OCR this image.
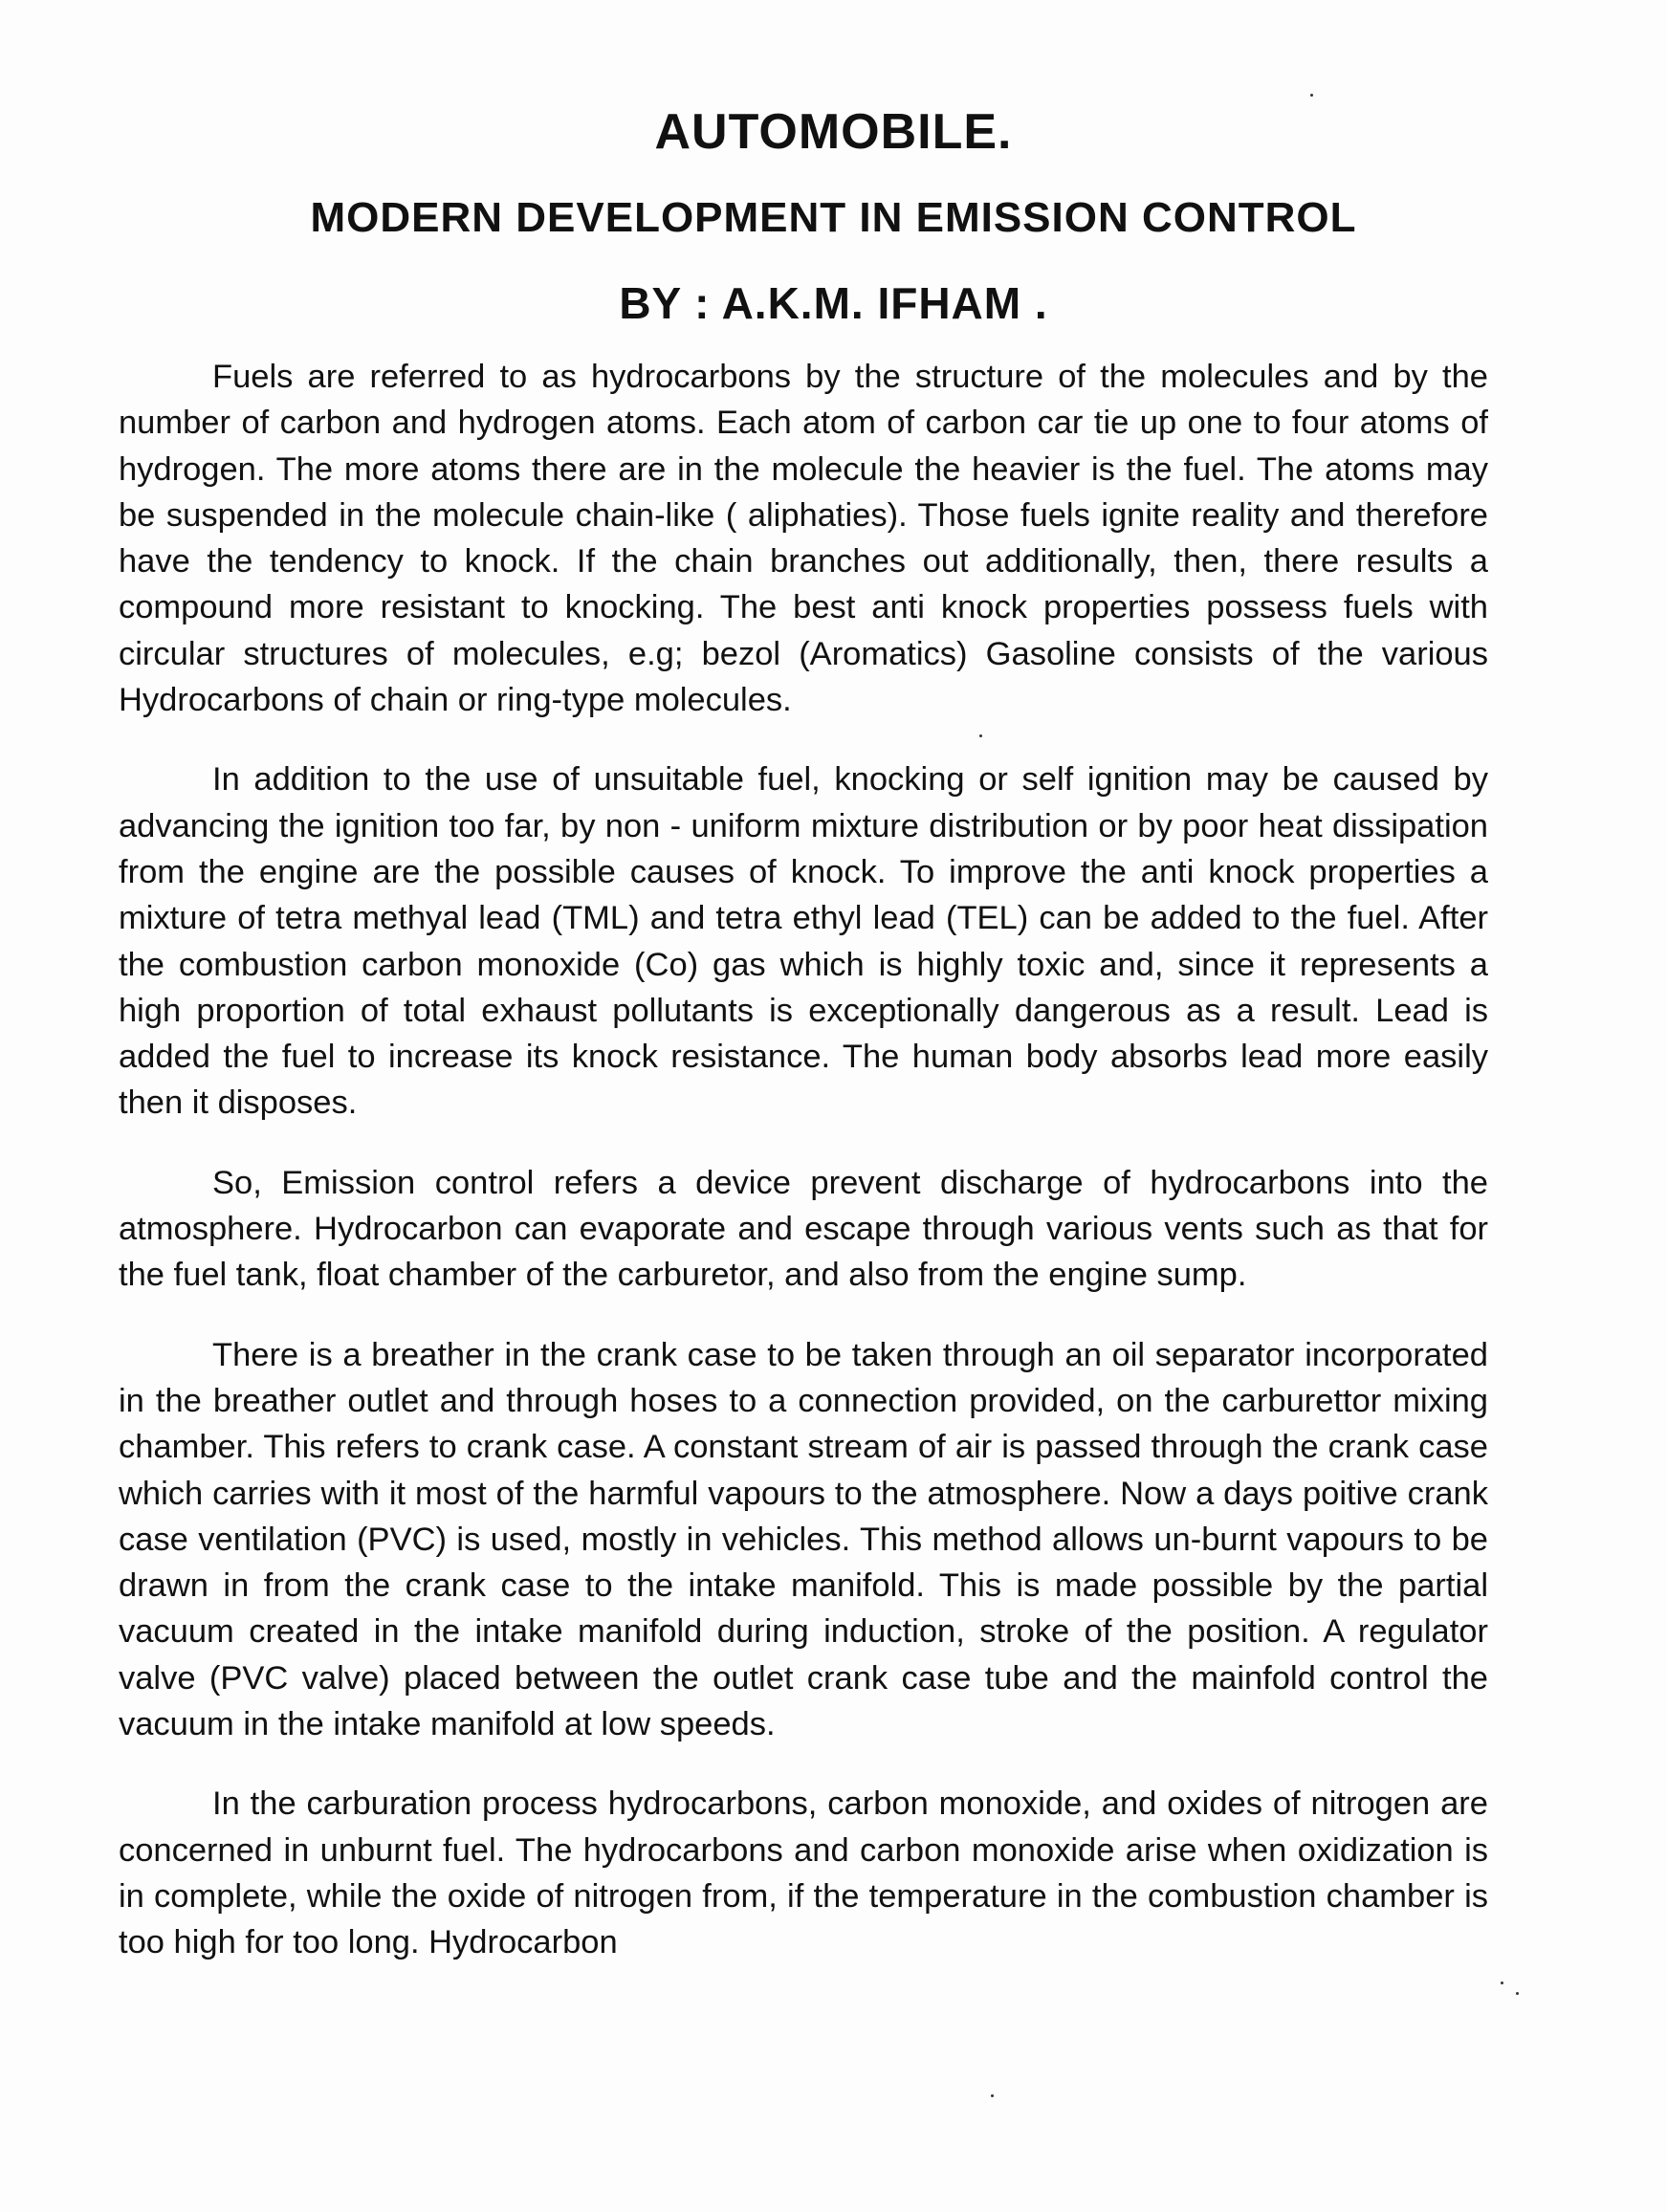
AUTOMOBILE.
MODERN DEVELOPMENT IN EMISSION CONTROL
BY : A.K.M. IFHAM .

Fuels are referred to as hydrocarbons by the structure of the molecules and by the number of carbon and hydrogen atoms. Each atom of carbon car tie up one to four atoms of hydrogen. The more atoms there are in the molecule the heavier is the fuel. The atoms may be suspended in the molecule chain-like ( aliphaties). Those fuels ignite reality and therefore have the tendency to knock. If the chain branches out additionally, then, there results a compound more resistant to knocking. The best anti knock properties possess fuels with circular structures of molecules, e.g; bezol (Aromatics) Gasoline consists of the various Hydrocarbons of chain or ring-type molecules.

In addition to the use of unsuitable fuel, knocking or self ignition may be caused by advancing the ignition too far, by non - uniform mixture distribution or by poor heat dissipation from the engine are the possible causes of knock. To improve the anti knock properties a mixture of tetra methyal lead (TML) and tetra ethyl lead (TEL) can be added to the fuel. After the combustion carbon monoxide (Co) gas which is highly toxic and, since it represents a high proportion of total exhaust pollutants is exceptionally dangerous as a result. Lead is added the fuel to increase its knock resistance. The human body absorbs lead more easily then it disposes.

So, Emission control refers a device prevent discharge of hydrocarbons into the atmosphere. Hydrocarbon can evaporate and escape through various vents such as that for the fuel tank, float chamber of the carburetor, and also from the engine sump.

There is a breather in the crank case to be taken through an oil separator incorporated in the breather outlet and through hoses to a connection provided, on the carburettor mixing chamber. This refers to crank case. A constant stream of air is passed through the crank case which carries with it most of the harmful vapours to the atmosphere. Now a days poitive crank case ventilation (PVC) is used, mostly in vehicles. This method allows un-burnt vapours to be drawn in from the crank case to the intake manifold. This is made possible by the partial vacuum created in the intake manifold during induction, stroke of the position. A regulator valve (PVC valve) placed between the outlet crank case tube and the mainfold control the vacuum in the intake manifold at low speeds.

In the carburation process hydrocarbons, carbon monoxide, and oxides of nitrogen are concerned in unburnt fuel. The hydrocarbons and carbon monoxide arise when oxidization is in complete, while the oxide of nitrogen from, if the temperature in the combustion chamber is too high for too long. Hydrocarbon
